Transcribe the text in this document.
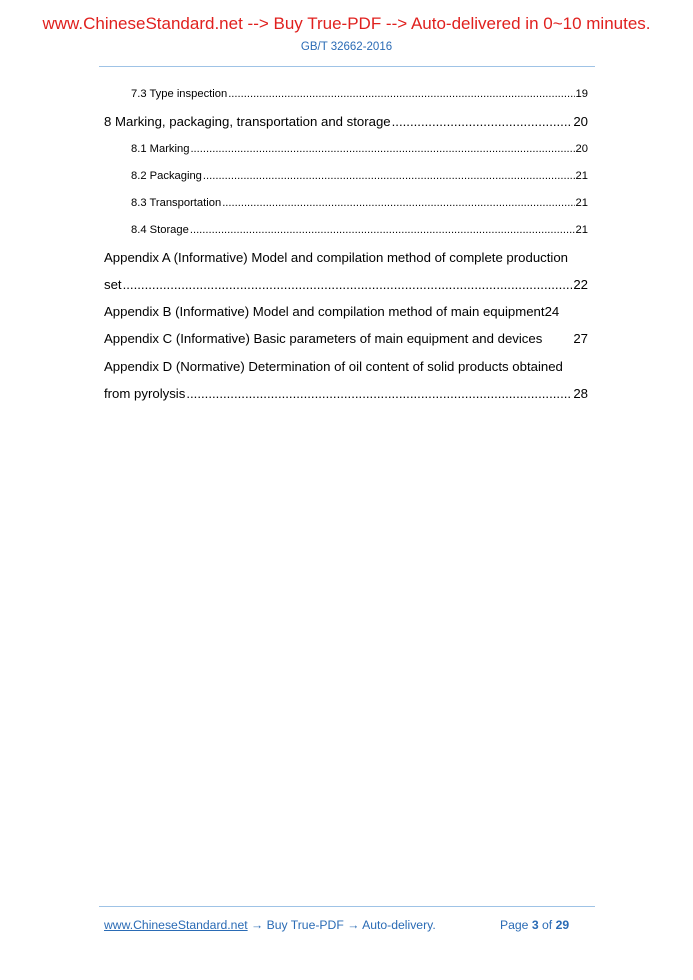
www.ChineseStandard.net --> Buy True-PDF --> Auto-delivered in 0~10 minutes.
GB/T 32662-2016
7.3 Type inspection .....	19
8 Marking, packaging, transportation and storage .....	20
8.1 Marking .....	20
8.2 Packaging .....	21
8.3 Transportation .....	21
8.4 Storage .....	21
Appendix A (Informative) Model and compilation method of complete production
set .....	22
Appendix B (Informative) Model and compilation method of main equipment 24
Appendix C (Informative) Basic parameters of main equipment and devices 27
Appendix D (Normative) Determination of oil content of solid products obtained
from pyrolysis .....	28
www.ChineseStandard.net → Buy True-PDF → Auto-delivery.	Page 3 of 29
